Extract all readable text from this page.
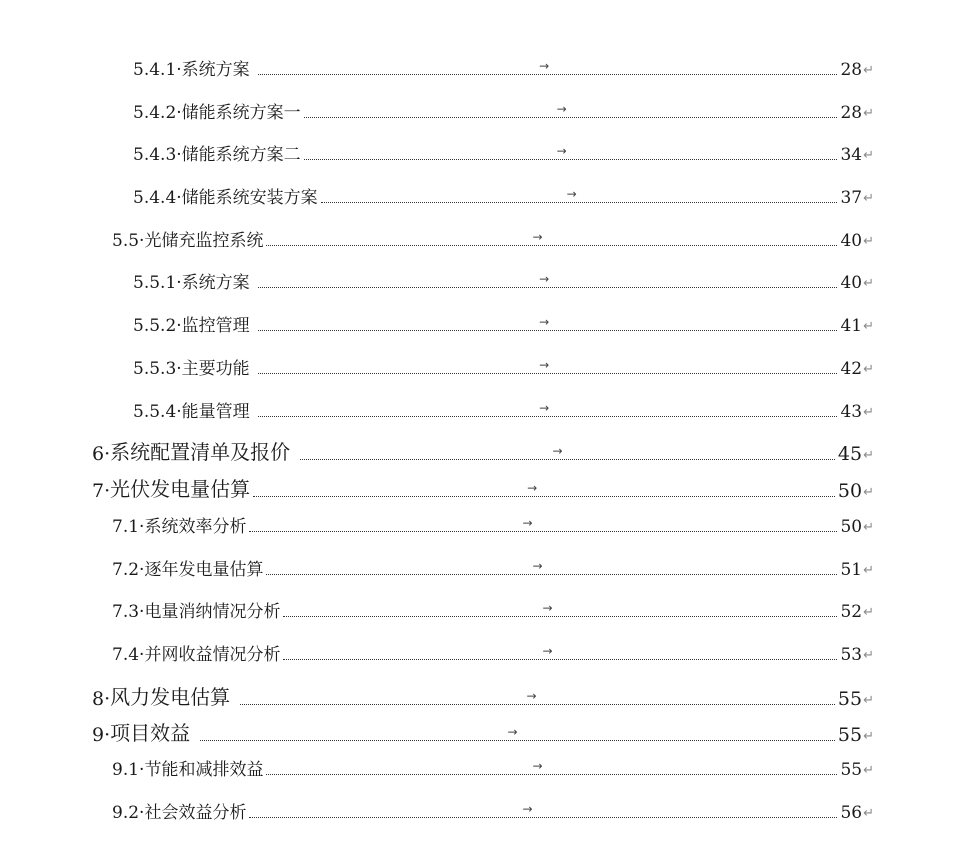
5.4.1· 系统方案	→	28 ↵
5.4.2· 储能系统方案一	→	28 ↵
5.4.3· 储能系统方案二	→	34 ↵
5.4.4· 储能系统安装方案	→	37 ↵
5.5· 光储充监控系统	→	40 ↵
5.5.1· 系统方案	→	40 ↵
5.5.2· 监控管理	→	41 ↵
5.5.3· 主要功能	→	42 ↵
5.5.4· 能量管理	→	43 ↵
6· 系统配置清单及报价	→	45 ↵
7· 光伏发电量估算	→	50 ↵
7.1· 系统效率分析	→	50 ↵
7.2· 逐年发电量估算	→	51 ↵
7.3· 电量消纳情况分析	→	52 ↵
7.4· 并网收益情况分析	→	53 ↵
8· 风力发电估算	→	55 ↵
9· 项目效益	→	55 ↵
9.1· 节能和减排效益	→	55 ↵
9.2· 社会效益分析	→	56 ↵
